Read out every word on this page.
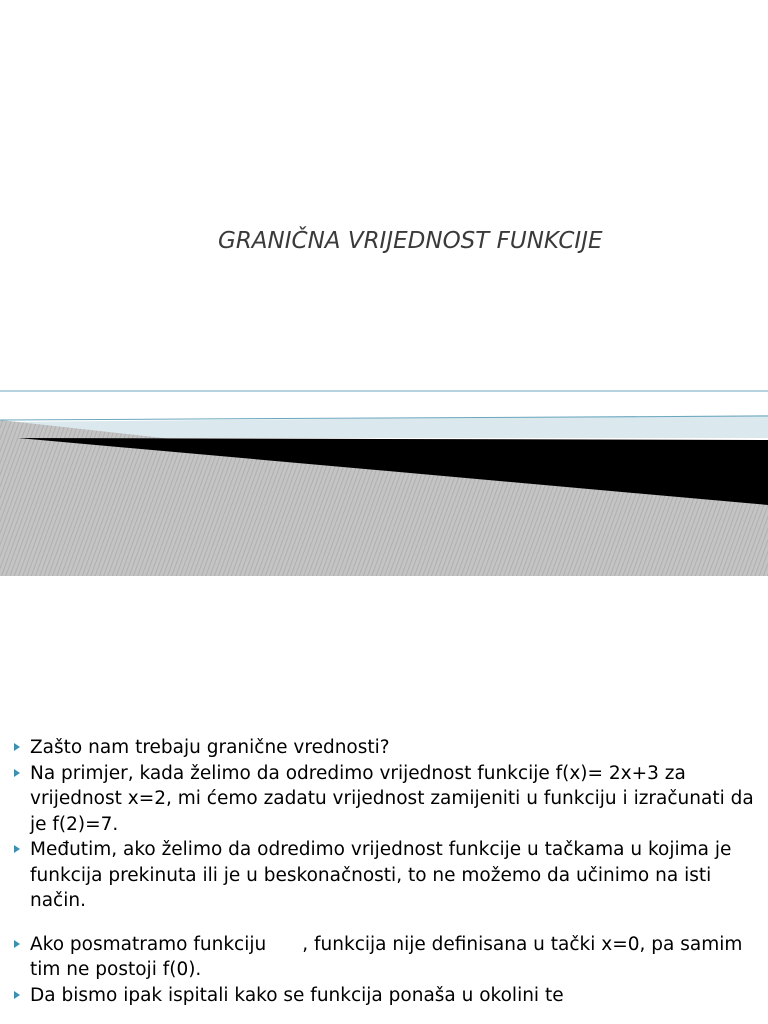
GRANIČNA VRIJEDNOST FUNKCIJE
Zašto nam trebaju granične vrednosti?
Na primjer, kada želimo da odredimo vrijednost funkcije f(x)= 2x+3 za vrijednost x=2, mi ćemo zadatu vrijednost zamijeniti u funkciju i izračunati da je f(2)=7.
Međutim, ako želimo da odredimo vrijednost funkcije u tačkama u kojima je funkcija prekinuta ili je u beskonačnosti, to ne možemo da učinimo na isti način.
Ako posmatramo funkciju , funkcija nije definisana u tački x=0, pa samim tim ne postoji f(0).
Da bismo ipak ispitali kako se funkcija ponaša u okolini te
